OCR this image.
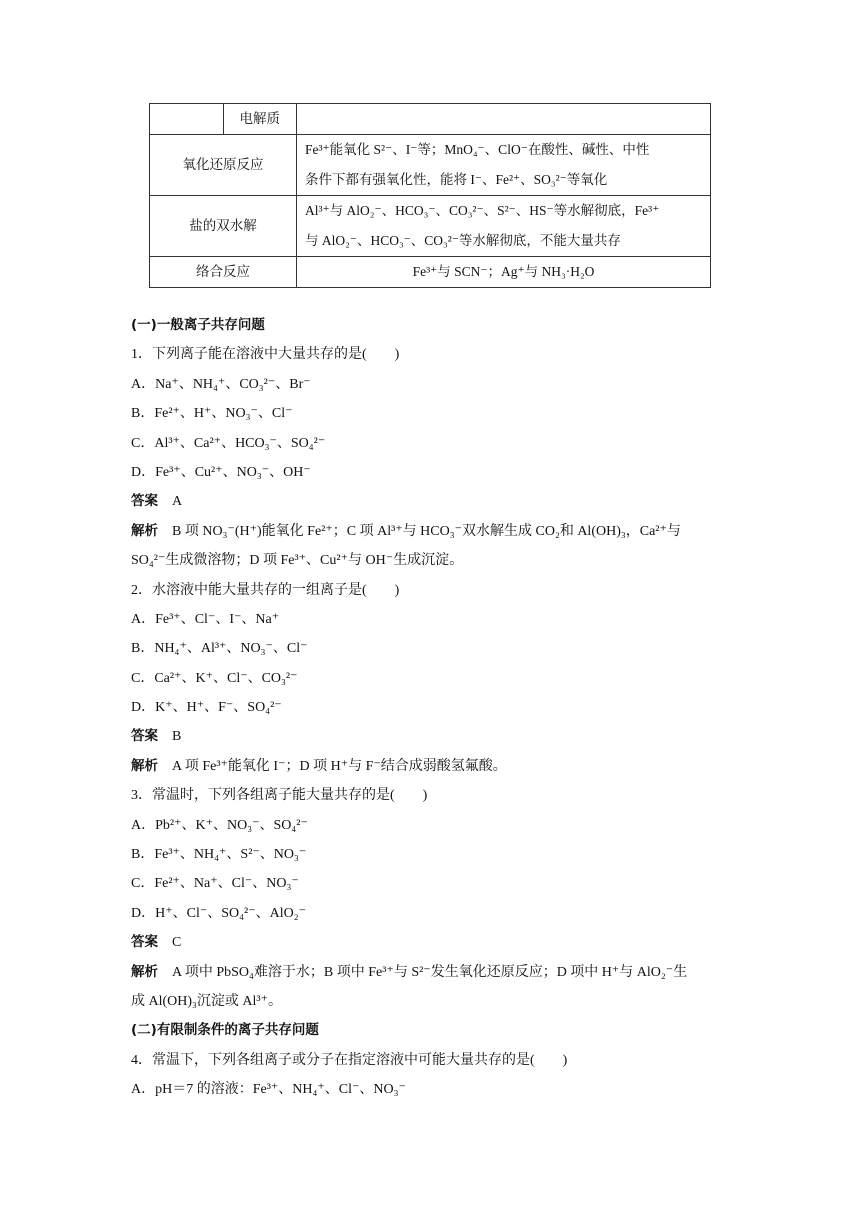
电解质	

氧化还原反应	Fe³⁺能氧化 S²⁻、I⁻等；MnO₄⁻、ClO⁻在酸性、碱性、中性
条件下都有强氧化性，能将 I⁻、Fe²⁺、SO₃²⁻等氧化

盐的双水解	Al³⁺与 AlO₂⁻、HCO₃⁻、CO₃²⁻、S²⁻、HS⁻等水解彻底，Fe³⁺
与 AlO₂⁻、HCO₃⁻、CO₃²⁻等水解彻底，不能大量共存

络合反应	Fe³⁺与 SCN⁻；Ag⁺与 NH₃·H₂O
(一)一般离子共存问题
1．下列离子能在溶液中大量共存的是(　　)
A．Na⁺、NH₄⁺、CO₃²⁻、Br⁻
B．Fe²⁺、H⁺、NO₃⁻、Cl⁻
C．Al³⁺、Ca²⁺、HCO₃⁻、SO₄²⁻
D．Fe³⁺、Cu²⁺、NO₃⁻、OH⁻
答案 A
解析 B 项 NO₃⁻(H⁺)能氧化 Fe²⁺；C 项 Al³⁺与 HCO₃⁻双水解生成 CO₂和 Al(OH)₃，Ca²⁺与
SO₄²⁻生成微溶物；D 项 Fe³⁺、Cu²⁺与 OH⁻生成沉淀。
2．水溶液中能大量共存的一组离子是(　　)
A．Fe³⁺、Cl⁻、I⁻、Na⁺
B．NH₄⁺、Al³⁺、NO₃⁻、Cl⁻
C．Ca²⁺、K⁺、Cl⁻、CO₃²⁻
D．K⁺、H⁺、F⁻、SO₄²⁻
答案 B
解析 A 项 Fe³⁺能氧化 I⁻；D 项 H⁺与 F⁻结合成弱酸氢氟酸。
3．常温时，下列各组离子能大量共存的是(　　)
A．Pb²⁺、K⁺、NO₃⁻、SO₄²⁻
B．Fe³⁺、NH₄⁺、S²⁻、NO₃⁻
C．Fe²⁺、Na⁺、Cl⁻、NO₃⁻
D．H⁺、Cl⁻、SO₄²⁻、AlO₂⁻
答案 C
解析 A 项中 PbSO₄难溶于水；B 项中 Fe³⁺与 S²⁻发生氧化还原反应；D 项中 H⁺与 AlO₂⁻生
成 Al(OH)₃沉淀或 Al³⁺。
(二)有限制条件的离子共存问题
4．常温下，下列各组离子或分子在指定溶液中可能大量共存的是(　　)
A．pH＝7 的溶液：Fe³⁺、NH₄⁺、Cl⁻、NO₃⁻
